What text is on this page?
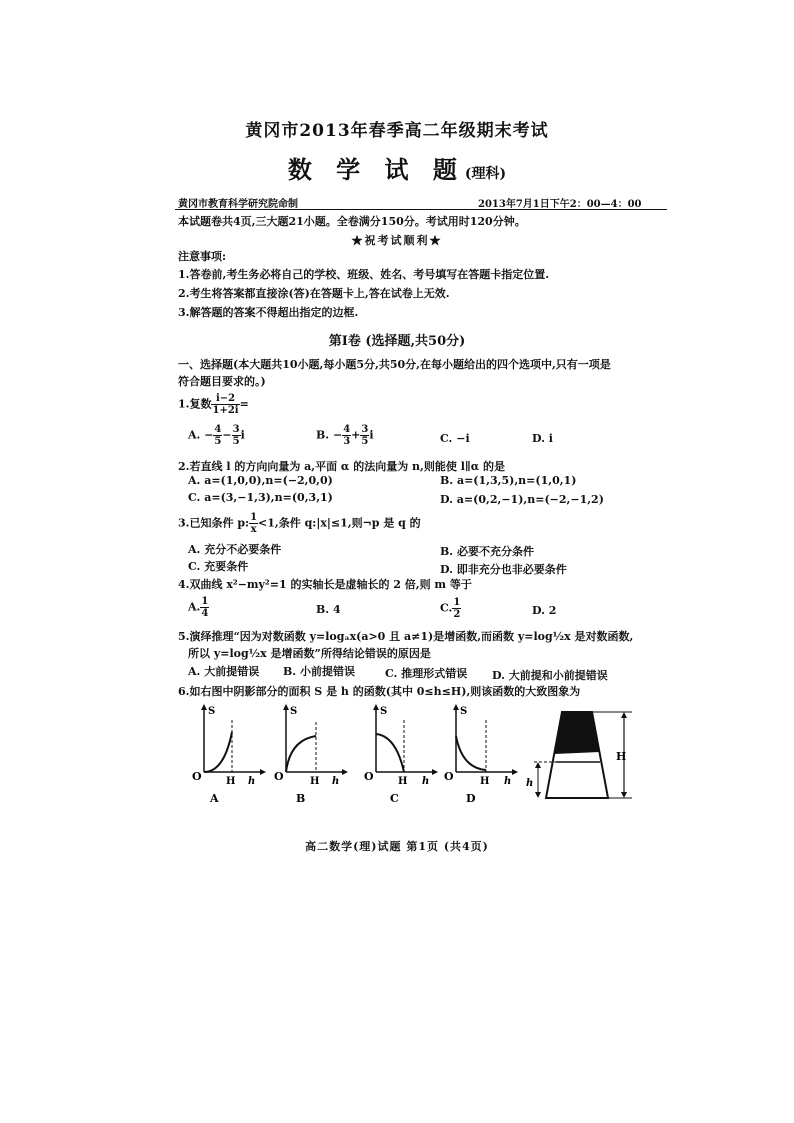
黄冈市2013年春季高二年级期末考试
数 学 试 题(理科)
黄冈市教育科学研究院命制	2013年7月1日下午2：00—4：00
本试题卷共4页,三大题21小题。全卷满分150分。考试用时120分钟。
★祝考试顺利★
注意事项:
1.答卷前,考生务必将自己的学校、班级、姓名、考号填写在答题卡指定位置.
2.考生将答案都直接涂(答)在答题卡上,答在试卷上无效.
3.解答题的答案不得超出指定的边框.
第Ⅰ卷 (选择题,共50分)
一、选择题(本大题共10小题,每小题5分,共50分,在每小题给出的四个选项中,只有一项是
符合题目要求的。)
1.复数 $\frac{i-2}{1+2i}$ =
A. − $\frac{4}{5} - \frac{3}{5}$ i	B. − $\frac{4}{3} + \frac{3}{5}$ i	C. −i	D. i
2.若直线 l 的方向向量为 a,平面 α 的法向量为 n,则能使 l∥α 的是
A. a=(1,0,0),n=(−2,0,0)	B. a=(1,3,5),n=(1,0,1)
C. a=(3,−1,3),n=(0,3,1)	D. a=(0,2,−1),n=(−2,−1,2)
3.已知条件 p: $\frac{1}{x} <1$,条件 q:|x|≤1,则¬p 是 q 的
A. 充分不必要条件	B. 必要不充分条件
C. 充要条件	D. 即非充分也非必要条件
4.双曲线 x²−my²=1 的实轴长是虚轴长的 2 倍,则 m 等于
A. $\frac{1}{4}$	B. 4	C. $\frac{1}{2}$	D. 2
5.演绎推理“因为对数函数 y=logₐx(a>0 且 a≠1)是增函数,而函数 y=log½x 是对数函数,
所以 y=log½x 是增函数”所得结论错误的原因是
A. 大前提错误 B. 小前提错误	C. 推理形式错误 D. 大前提和小前提错误
6.如右图中阴影部分的面积 S 是 h 的函数(其中 0≤h≤H),则该函数的大致图象为
S
O H h
A
S
O	H h
B
S
O H h
C
S
O	H h
D
H
h
高二数学(理)试题 第1页 (共4页)
